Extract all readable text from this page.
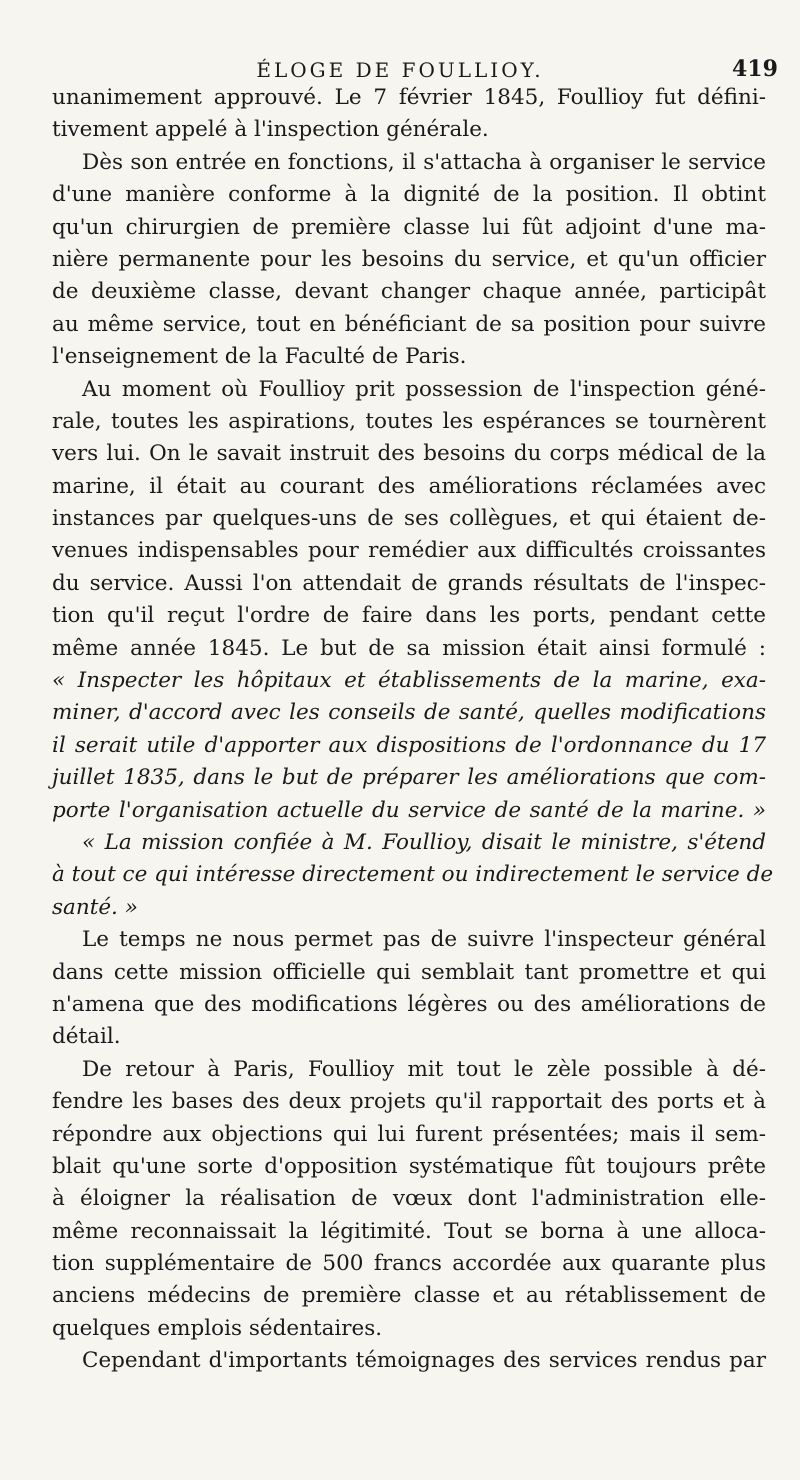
ÉLOGE DE FOULLIOY.	419
unanimement approuvé. Le 7 février 1845, Foullioy fut défini-
tivement appelé à l'inspection générale.
Dès son entrée en fonctions, il s'attacha à organiser le service
d'une manière conforme à la dignité de la position. Il obtint
qu'un chirurgien de première classe lui fût adjoint d'une ma-
nière permanente pour les besoins du service, et qu'un officier
de deuxième classe, devant changer chaque année, participât
au même service, tout en bénéficiant de sa position pour suivre
l'enseignement de la Faculté de Paris.
Au moment où Foullioy prit possession de l'inspection géné-
rale, toutes les aspirations, toutes les espérances se tournèrent
vers lui. On le savait instruit des besoins du corps médical de la
marine, il était au courant des améliorations réclamées avec
instances par quelques-uns de ses collègues, et qui étaient de-
venues indispensables pour remédier aux difficultés croissantes
du service. Aussi l'on attendait de grands résultats de l'inspec-
tion qu'il reçut l'ordre de faire dans les ports, pendant cette
même année 1845. Le but de sa mission était ainsi formulé :
« Inspecter les hôpitaux et établissements de la marine, exa-
miner, d'accord avec les conseils de santé, quelles modifications
il serait utile d'apporter aux dispositions de l'ordonnance du 17
juillet 1835, dans le but de préparer les améliorations que com-
porte l'organisation actuelle du service de santé de la marine. »
« La mission confiée à M. Foullioy, disait le ministre, s'étend
à tout ce qui intéresse directement ou indirectement le service de
santé. »
Le temps ne nous permet pas de suivre l'inspecteur général
dans cette mission officielle qui semblait tant promettre et qui
n'amena que des modifications légères ou des améliorations de
détail.
De retour à Paris, Foullioy mit tout le zèle possible à dé-
fendre les bases des deux projets qu'il rapportait des ports et à
répondre aux objections qui lui furent présentées; mais il sem-
blait qu'une sorte d'opposition systématique fût toujours prête
à éloigner la réalisation de vœux dont l'administration elle-
même reconnaissait la légitimité. Tout se borna à une alloca-
tion supplémentaire de 500 francs accordée aux quarante plus
anciens médecins de première classe et au rétablissement de
quelques emplois sédentaires.
Cependant d'importants témoignages des services rendus par
